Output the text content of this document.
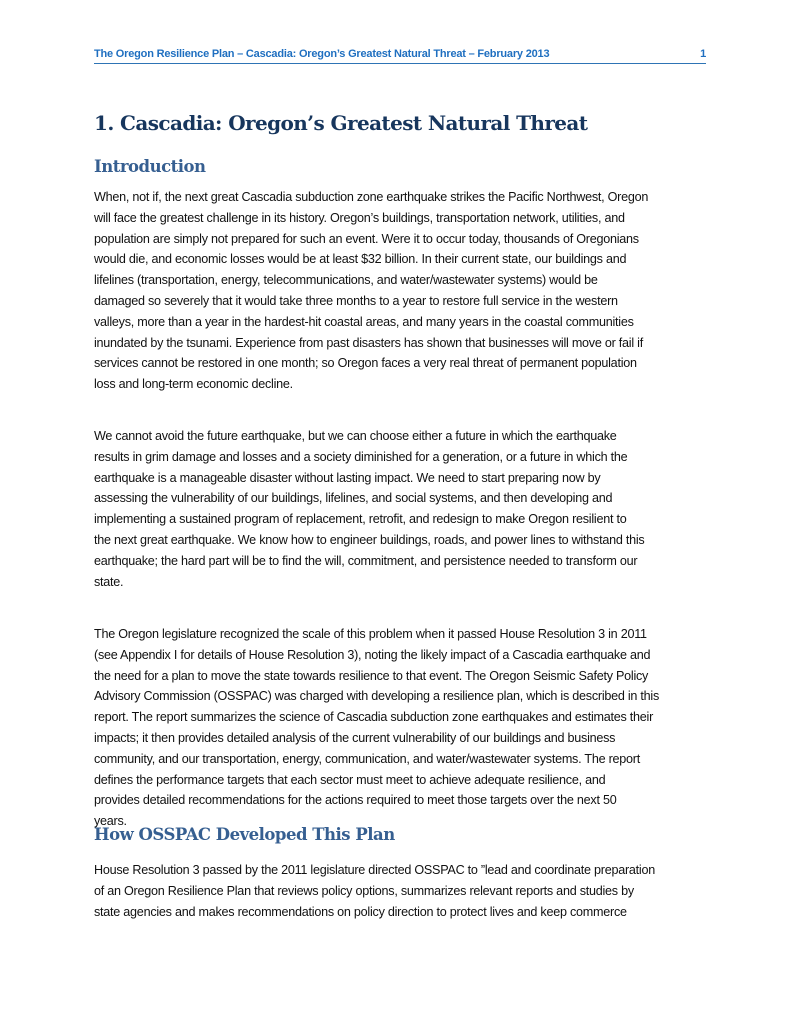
The Oregon Resilience Plan – Cascadia: Oregon’s Greatest Natural Threat – February 2013	1
1. Cascadia: Oregon’s Greatest Natural Threat
Introduction
When, not if, the next great Cascadia subduction zone earthquake strikes the Pacific Northwest, Oregon
will face the greatest challenge in its history. Oregon’s buildings, transportation network, utilities, and
population are simply not prepared for such an event. Were it to occur today, thousands of Oregonians
would die, and economic losses would be at least $32 billion. In their current state, our buildings and
lifelines (transportation, energy, telecommunications, and water/wastewater systems) would be
damaged so severely that it would take three months to a year to restore full service in the western
valleys, more than a year in the hardest-hit coastal areas, and many years in the coastal communities
inundated by the tsunami. Experience from past disasters has shown that businesses will move or fail if
services cannot be restored in one month; so Oregon faces a very real threat of permanent population
loss and long-term economic decline.
We cannot avoid the future earthquake, but we can choose either a future in which the earthquake
results in grim damage and losses and a society diminished for a generation, or a future in which the
earthquake is a manageable disaster without lasting impact. We need to start preparing now by
assessing the vulnerability of our buildings, lifelines, and social systems, and then developing and
implementing a sustained program of replacement, retrofit, and redesign to make Oregon resilient to
the next great earthquake. We know how to engineer buildings, roads, and power lines to withstand this
earthquake; the hard part will be to find the will, commitment, and persistence needed to transform our
state.
The Oregon legislature recognized the scale of this problem when it passed House Resolution 3 in 2011
(see Appendix I for details of House Resolution 3), noting the likely impact of a Cascadia earthquake and
the need for a plan to move the state towards resilience to that event. The Oregon Seismic Safety Policy
Advisory Commission (OSSPAC) was charged with developing a resilience plan, which is described in this
report. The report summarizes the science of Cascadia subduction zone earthquakes and estimates their
impacts; it then provides detailed analysis of the current vulnerability of our buildings and business
community, and our transportation, energy, communication, and water/wastewater systems. The report
defines the performance targets that each sector must meet to achieve adequate resilience, and
provides detailed recommendations for the actions required to meet those targets over the next 50
years.
How OSSPAC Developed This Plan
House Resolution 3 passed by the 2011 legislature directed OSSPAC to ”lead and coordinate preparation
of an Oregon Resilience Plan that reviews policy options, summarizes relevant reports and studies by
state agencies and makes recommendations on policy direction to protect lives and keep commerce
